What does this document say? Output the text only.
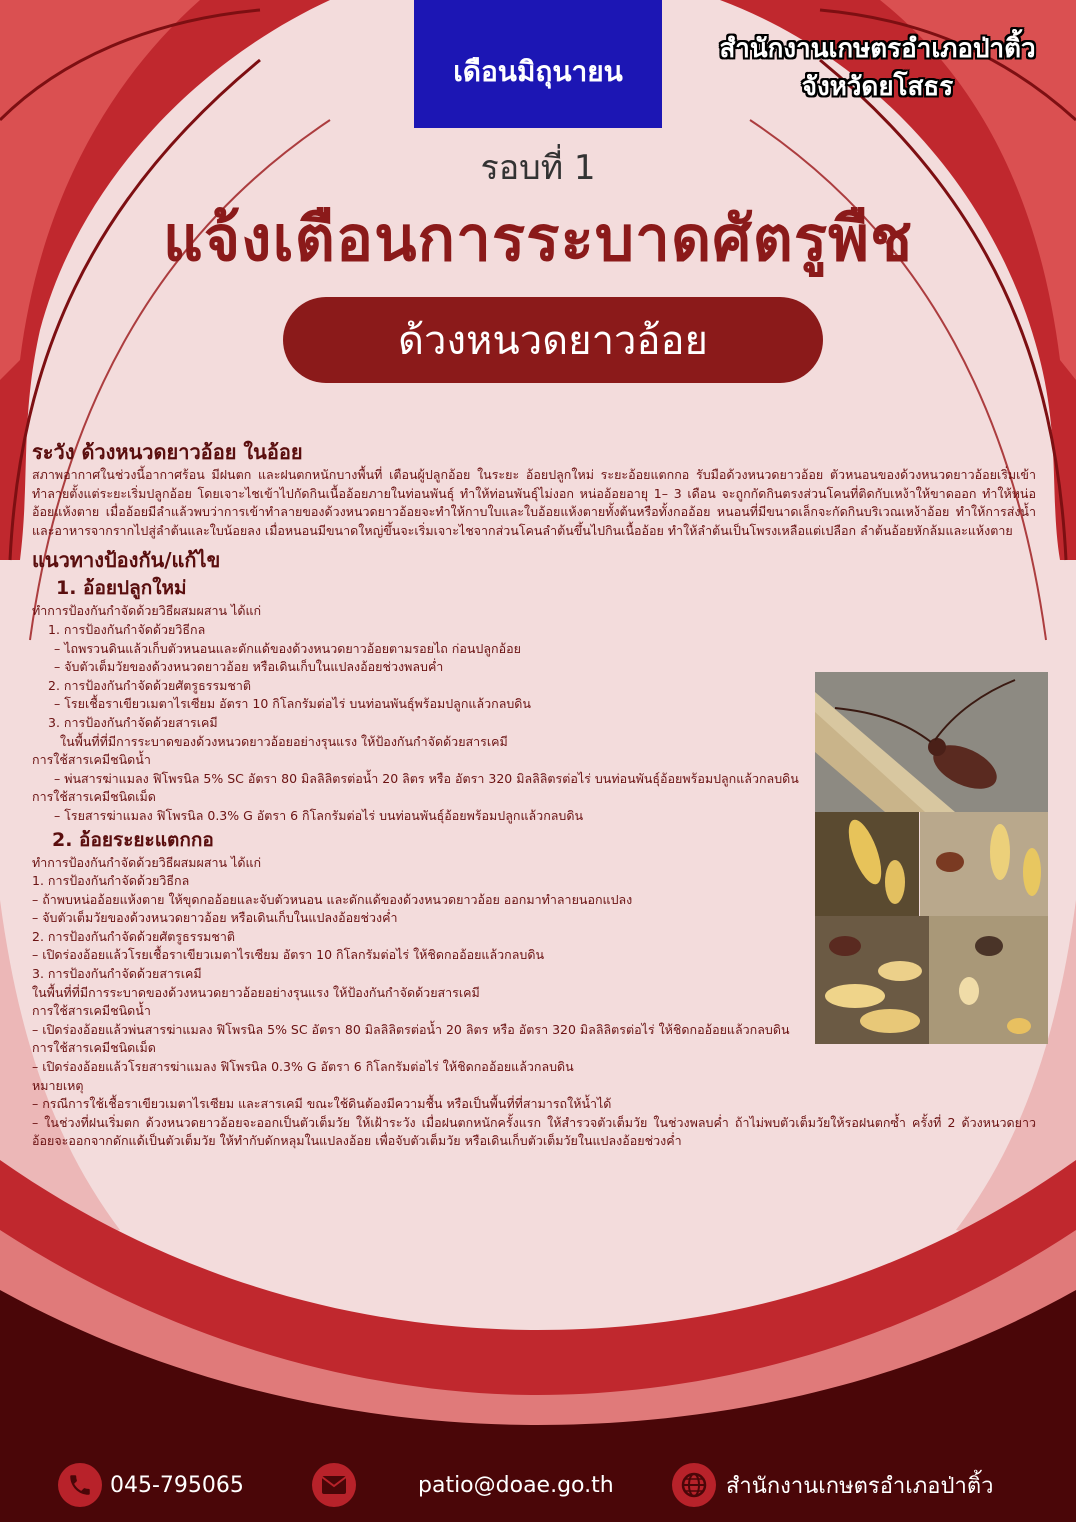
เดือนมิถุนายน
สำนักงานเกษตรอำเภอป่าติ้ว
จังหวัดยโสธร
รอบที่ 1
แจ้งเตือนการระบาดศัตรูพืช
ด้วงหนวดยาวอ้อย
ระวัง ด้วงหนวดยาวอ้อย ในอ้อย

สภาพอากาศในช่วงนี้อากาศร้อน มีฝนตก และฝนตกหนักบางพื้นที่ เตือนผู้ปลูกอ้อย ในระยะ อ้อยปลูกใหม่ ระยะอ้อยแตกกอ รับมือด้วงหนวดยาวอ้อย ตัวหนอนของด้วงหนวดยาวอ้อยเริ่มเข้าทำลายตั้งแต่ระยะเริ่มปลูกอ้อย โดยเจาะไชเข้าไปกัดกินเนื้ออ้อยภายในท่อนพันธุ์ ทำให้ท่อนพันธุ์ไม่งอก หน่ออ้อยอายุ 1– 3 เดือน จะถูกกัดกินตรงส่วนโคนที่ติดกับเหง้าให้ขาดออก ทำให้หน่ออ้อยแห้งตาย เมื่ออ้อยมีลำแล้วพบว่าการเข้าทำลายของด้วงหนวดยาวอ้อยจะทำให้กาบใบและใบอ้อยแห้งตายทั้งต้นหรือทั้งกออ้อย หนอนที่มีขนาดเล็กจะกัดกินบริเวณเหง้าอ้อย ทำให้การส่งน้ำและอาหารจากรากไปสู่ลำต้นและใบน้อยลง เมื่อหนอนมีขนาดใหญ่ขึ้นจะเริ่มเจาะไชจากส่วนโคนลำต้นขึ้นไปกินเนื้ออ้อย ทำให้ลำต้นเป็นโพรงเหลือแต่เปลือก ลำต้นอ้อยหักล้มและแห้งตาย

แนวทางป้องกัน/แก้ไข
1. อ้อยปลูกใหม่

ทำการป้องกันกำจัดด้วยวิธีผสมผสาน ได้แก่

1. การป้องกันกำจัดด้วยวิธีกล

– ไถพรวนดินแล้วเก็บตัวหนอนและดักแด้ของด้วงหนวดยาวอ้อยตามรอยไถ ก่อนปลูกอ้อย

– จับตัวเต็มวัยของด้วงหนวดยาวอ้อย หรือเดินเก็บในแปลงอ้อยช่วงพลบค่ำ

2. การป้องกันกำจัดด้วยศัตรูธรรมชาติ

– โรยเชื้อราเขียวเมตาไรเซียม อัตรา 10 กิโลกรัมต่อไร่ บนท่อนพันธุ์พร้อมปลูกแล้วกลบดิน

3. การป้องกันกำจัดด้วยสารเคมี

ในพื้นที่ที่มีการระบาดของด้วงหนวดยาวอ้อยอย่างรุนแรง ให้ป้องกันกำจัดด้วยสารเคมี

การใช้สารเคมีชนิดน้ำ

– พ่นสารฆ่าแมลง ฟิโพรนิล 5% SC อัตรา 80 มิลลิลิตรต่อน้ำ 20 ลิตร หรือ อัตรา 320 มิลลิลิตรต่อไร่ บนท่อนพันธุ์อ้อยพร้อมปลูกแล้วกลบดิน

การใช้สารเคมีชนิดเม็ด

– โรยสารฆ่าแมลง ฟิโพรนิล 0.3% G อัตรา 6 กิโลกรัมต่อไร่ บนท่อนพันธุ์อ้อยพร้อมปลูกแล้วกลบดิน

2. อ้อยระยะแตกกอ

ทำการป้องกันกำจัดด้วยวิธีผสมผสาน ได้แก่

1. การป้องกันกำจัดด้วยวิธีกล

– ถ้าพบหน่ออ้อยแห้งตาย ให้ขุดกออ้อยและจับตัวหนอน และดักแด้ของด้วงหนวดยาวอ้อย ออกมาทำลายนอกแปลง

– จับตัวเต็มวัยของด้วงหนวดยาวอ้อย หรือเดินเก็บในแปลงอ้อยช่วงค่ำ

2. การป้องกันกำจัดด้วยศัตรูธรรมชาติ

– เปิดร่องอ้อยแล้วโรยเชื้อราเขียวเมตาไรเซียม อัตรา 10 กิโลกรัมต่อไร่ ให้ชิดกออ้อยแล้วกลบดิน

3. การป้องกันกำจัดด้วยสารเคมี

ในพื้นที่ที่มีการระบาดของด้วงหนวดยาวอ้อยอย่างรุนแรง ให้ป้องกันกำจัดด้วยสารเคมี

การใช้สารเคมีชนิดน้ำ

– เปิดร่องอ้อยแล้วพ่นสารฆ่าแมลง ฟิโพรนิล 5% SC อัตรา 80 มิลลิลิตรต่อน้ำ 20 ลิตร หรือ อัตรา 320 มิลลิลิตรต่อไร่ ให้ชิดกออ้อยแล้วกลบดิน

การใช้สารเคมีชนิดเม็ด

– เปิดร่องอ้อยแล้วโรยสารฆ่าแมลง ฟิโพรนิล 0.3% G อัตรา 6 กิโลกรัมต่อไร่ ให้ชิดกออ้อยแล้วกลบดิน

หมายเหตุ

– กรณีการใช้เชื้อราเขียวเมตาไรเซียม และสารเคมี ขณะใช้ดินต้องมีความชื้น หรือเป็นพื้นที่ที่สามารถให้น้ำได้

– ในช่วงที่ฝนเริ่มตก ด้วงหนวดยาวอ้อยจะออกเป็นตัวเต็มวัย ให้เฝ้าระวัง เมื่อฝนตกหนักครั้งแรก ให้สำรวจตัวเต็มวัย ในช่วงพลบค่ำ ถ้าไม่พบตัวเต็มวัยให้รอฝนตกซ้ำ ครั้งที่ 2 ด้วงหนวดยาวอ้อยจะออกจากดักแด้เป็นตัวเต็มวัย ให้ทำกับดักหลุมในแปลงอ้อย เพื่อจับตัวเต็มวัย หรือเดินเก็บตัวเต็มวัยในแปลงอ้อยช่วงค่ำ

045-795065	patio@doae.go.th	สำนักงานเกษตรอำเภอป่าติ้ว
